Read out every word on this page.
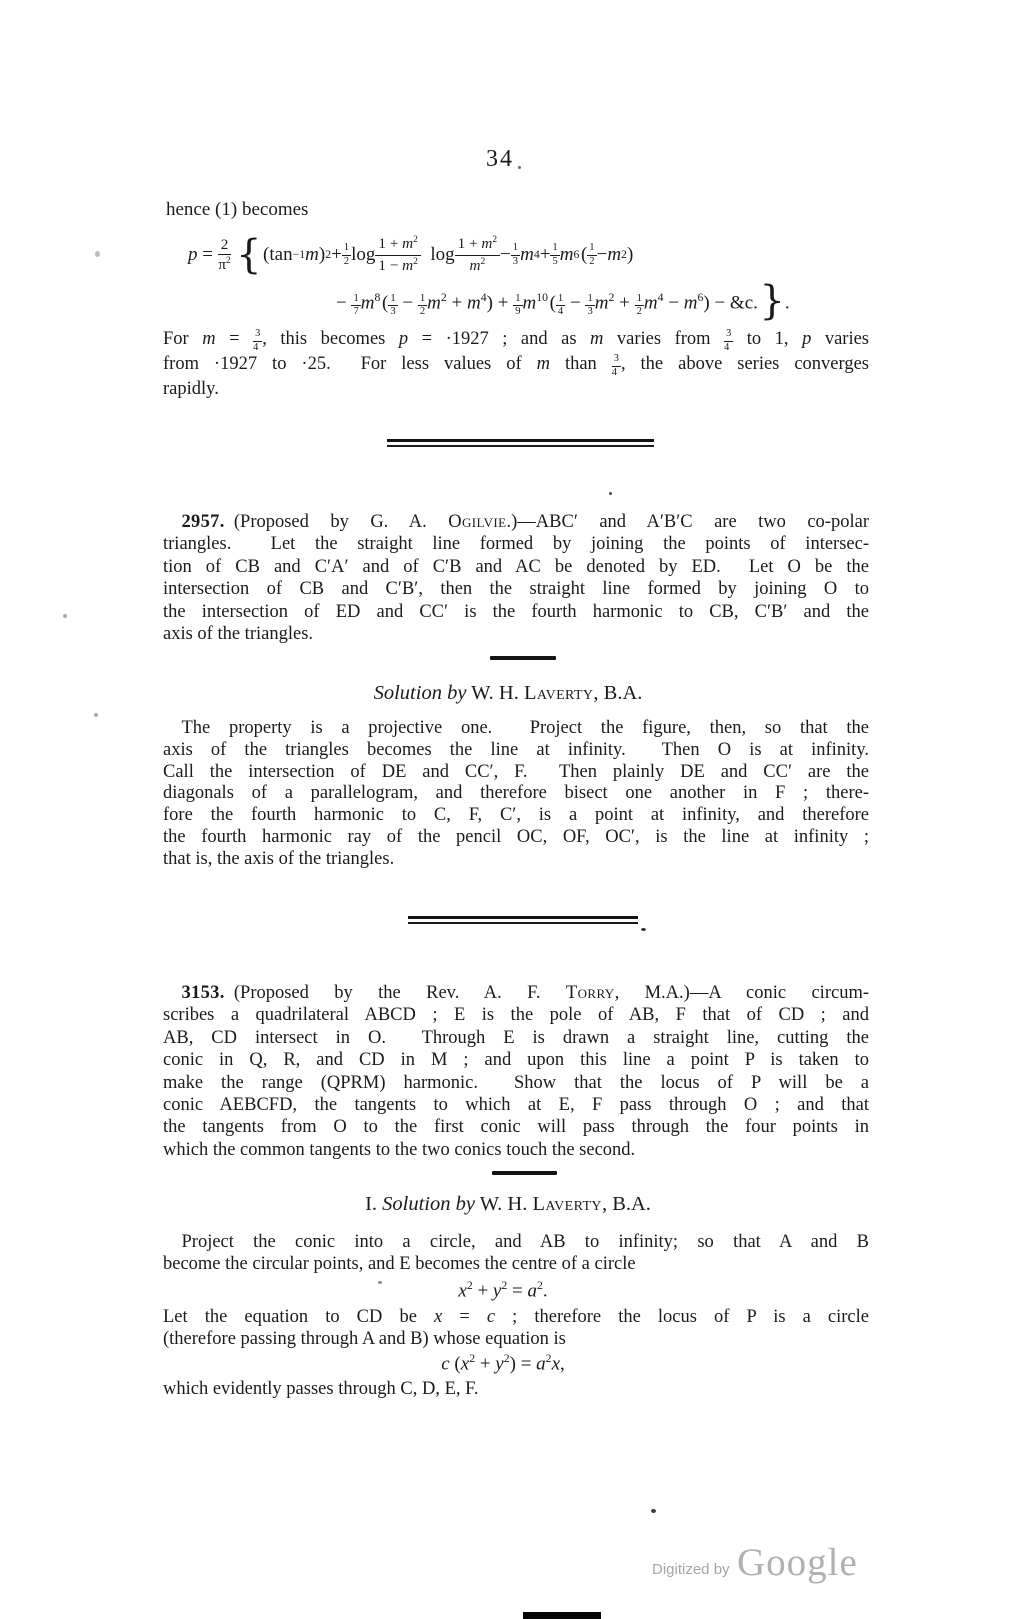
34
hence (1) becomes
p = 2
$\pi^2$
{  (tan −1 m ) 2 + 1
2 $\log 1 + m^2$
$1 - m^2$  $\log 1 + m^2$
$m^2 - 1$
3 m 4 + 1
5 m 6  ( 1
2 − m 2 )
− $\frac{1}{7} m^8$ ( $\frac{1}{3} - \frac{1}{2} m^2 + m^4) + \frac{1}{9} m^{10}$ ( $\frac{1}{4} - \frac{1}{3} m^2 + \frac{1}{2} m^4 - m^6$) − &c. }.
For $m = \frac{3}{4}$ , this becomes p = ·1927 ; and as m varies from $\frac{3}{4}$ to 1, p varies
from ·1927 to ·25.  For less values of m than $\frac{3}{4}$ , the above series converges
rapidly.
 2957. (Proposed by G. A. Ogilvie.)—ABC′ and A′B′C are two co-polar
triangles.  Let the straight line formed by joining the points of intersec-
tion of CB and C′A′ and of C′B and AC be denoted by ED.  Let O be the
intersection of CB and C′B′, then the straight line formed by joining O to
the intersection of ED and CC′ is the fourth harmonic to CB, C′B′ and the
axis of the triangles.
Solution by W. H. Laverty, B.A.
 The property is a projective one.  Project the figure, then, so that the
axis of the triangles becomes the line at infinity.  Then O is at infinity.
Call the intersection of DE and CC′, F.  Then plainly DE and CC′ are the
diagonals of a parallelogram, and therefore bisect one another in F ; there-
fore the fourth harmonic to C, F, C′, is a point at infinity, and therefore
the fourth harmonic ray of the pencil OC, OF, OC′, is the line at infinity ;
that is, the axis of the triangles.
 3153. (Proposed by the Rev. A. F. Torry, M.A.)—A conic circum-
scribes a quadrilateral ABCD ; E is the pole of AB, F that of CD ; and
AB, CD intersect in O.  Through E is drawn a straight line, cutting the
conic in Q, R, and CD in M ; and upon this line a point P is taken to
make the range (QPRM) harmonic.  Show that the locus of P will be a
conic AEBCFD, the tangents to which at E, F pass through O ; and that
the tangents from O to the first conic will pass through the four points in
which the common tangents to the two conics touch the second.
I. Solution by W. H. Laverty, B.A.
 Project the conic into a circle, and AB to infinity; so that A and B
become the circular points, and E becomes the centre of a circle
$x^2 + y^2 = a^2$.
Let the equation to CD be x = c ; therefore the locus of P is a circle
(therefore passing through A and B) whose equation is
c $(x^2 + y^2) = a^2x$,
which evidently passes through C, D, E, F.
Digitized by Google
